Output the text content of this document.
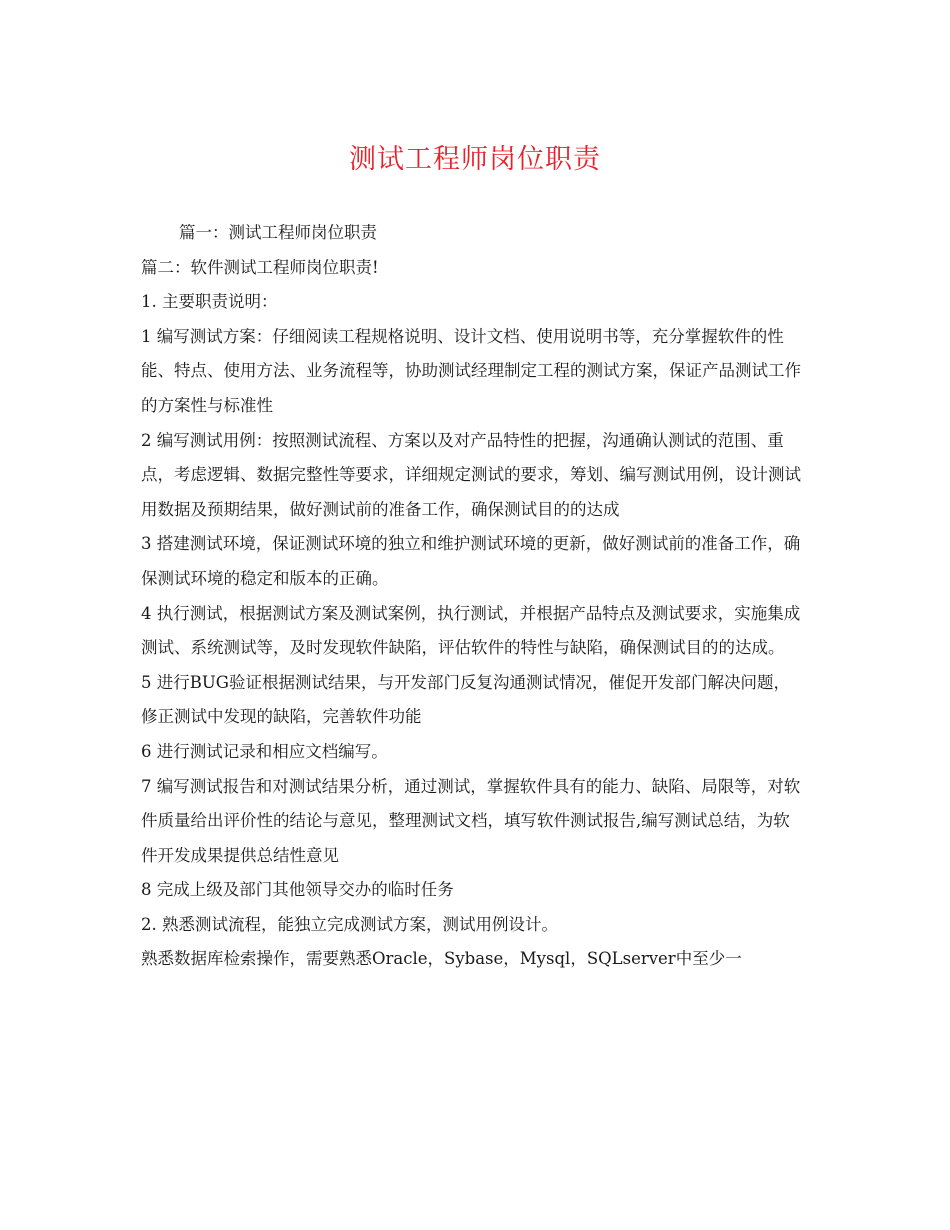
测试工程师岗位职责

篇一：测试工程师岗位职责

篇二：软件测试工程师岗位职责!

1. 主要职责说明：

1 编写测试方案：仔细阅读工程规格说明、设计文档、使用说明书等，充分掌握软件的性能、特点、使用方法、业务流程等，协助测试经理制定工程的测试方案，保证产品测试工作的方案性与标准性

2 编写测试用例：按照测试流程、方案以及对产品特性的把握，沟通确认测试的范围、重点，考虑逻辑、数据完整性等要求，详细规定测试的要求，筹划、编写测试用例，设计测试用数据及预期结果，做好测试前的准备工作，确保测试目的的达成

3 搭建测试环境，保证测试环境的独立和维护测试环境的更新，做好测试前的准备工作，确保测试环境的稳定和版本的正确。

4 执行测试，根据测试方案及测试案例，执行测试，并根据产品特点及测试要求，实施集成测试、系统测试等，及时发现软件缺陷，评估软件的特性与缺陷，确保测试目的的达成。

5 进行BUG验证根据测试结果，与开发部门反复沟通测试情况，催促开发部门解决问题，修正测试中发现的缺陷，完善软件功能

6 进行测试记录和相应文档编写。

7 编写测试报告和对测试结果分析，通过测试，掌握软件具有的能力、缺陷、局限等，对软件质量给出评价性的结论与意见，整理测试文档，填写软件测试报告,编写测试总结，为软件开发成果提供总结性意见

8 完成上级及部门其他领导交办的临时任务

2. 熟悉测试流程，能独立完成测试方案，测试用例设计。

熟悉数据库检索操作，需要熟悉Oracle，Sybase，Mysql，SQLserver中至少一
